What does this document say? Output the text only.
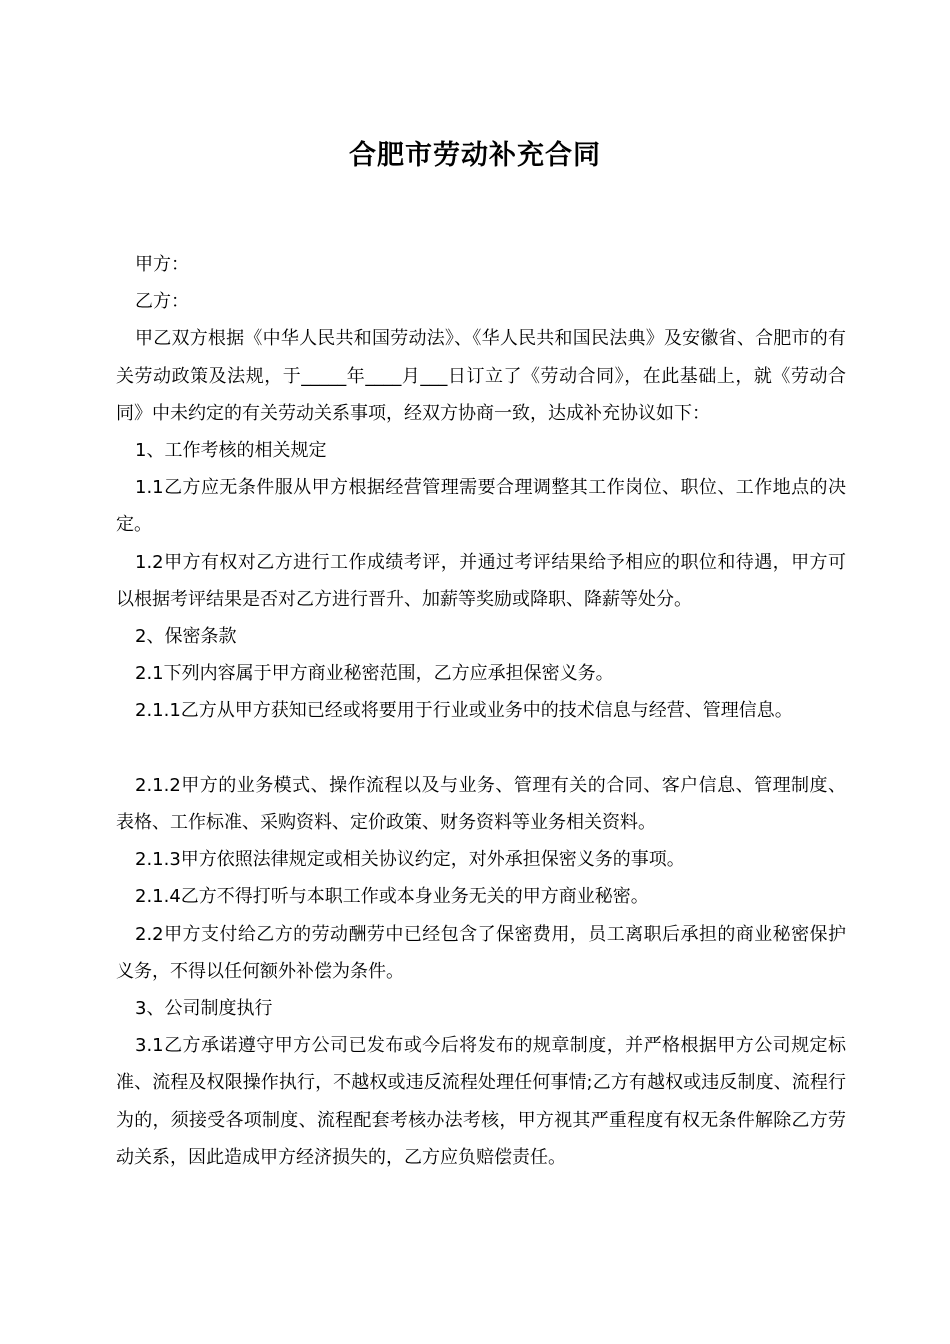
合肥市劳动补充合同

甲方：

乙方：

甲乙双方根据《中华人民共和国劳动法》、《华人民共和国民法典》及安徽省、合肥市的有关劳动政策及法规，于_____年____月___日订立了《劳动合同》，在此基础上，就《劳动合同》中未约定的有关劳动关系事项，经双方协商一致，达成补充协议如下：

1、工作考核的相关规定

1.1乙方应无条件服从甲方根据经营管理需要合理调整其工作岗位、职位、工作地点的决定。

1.2甲方有权对乙方进行工作成绩考评，并通过考评结果给予相应的职位和待遇，甲方可以根据考评结果是否对乙方进行晋升、加薪等奖励或降职、降薪等处分。

2、保密条款

2.1下列内容属于甲方商业秘密范围，乙方应承担保密义务。

2.1.1乙方从甲方获知已经或将要用于行业或业务中的技术信息与经营、管理信息。

2.1.2甲方的业务模式、操作流程以及与业务、管理有关的合同、客户信息、管理制度、表格、工作标准、采购资料、定价政策、财务资料等业务相关资料。

2.1.3甲方依照法律规定或相关协议约定，对外承担保密义务的事项。

2.1.4乙方不得打听与本职工作或本身业务无关的甲方商业秘密。

2.2甲方支付给乙方的劳动酬劳中已经包含了保密费用，员工离职后承担的商业秘密保护义务，不得以任何额外补偿为条件。

3、公司制度执行

3.1乙方承诺遵守甲方公司已发布或今后将发布的规章制度，并严格根据甲方公司规定标准、流程及权限操作执行，不越权或违反流程处理任何事情;乙方有越权或违反制度、流程行为的，须接受各项制度、流程配套考核办法考核，甲方视其严重程度有权无条件解除乙方劳动关系，因此造成甲方经济损失的，乙方应负赔偿责任。
